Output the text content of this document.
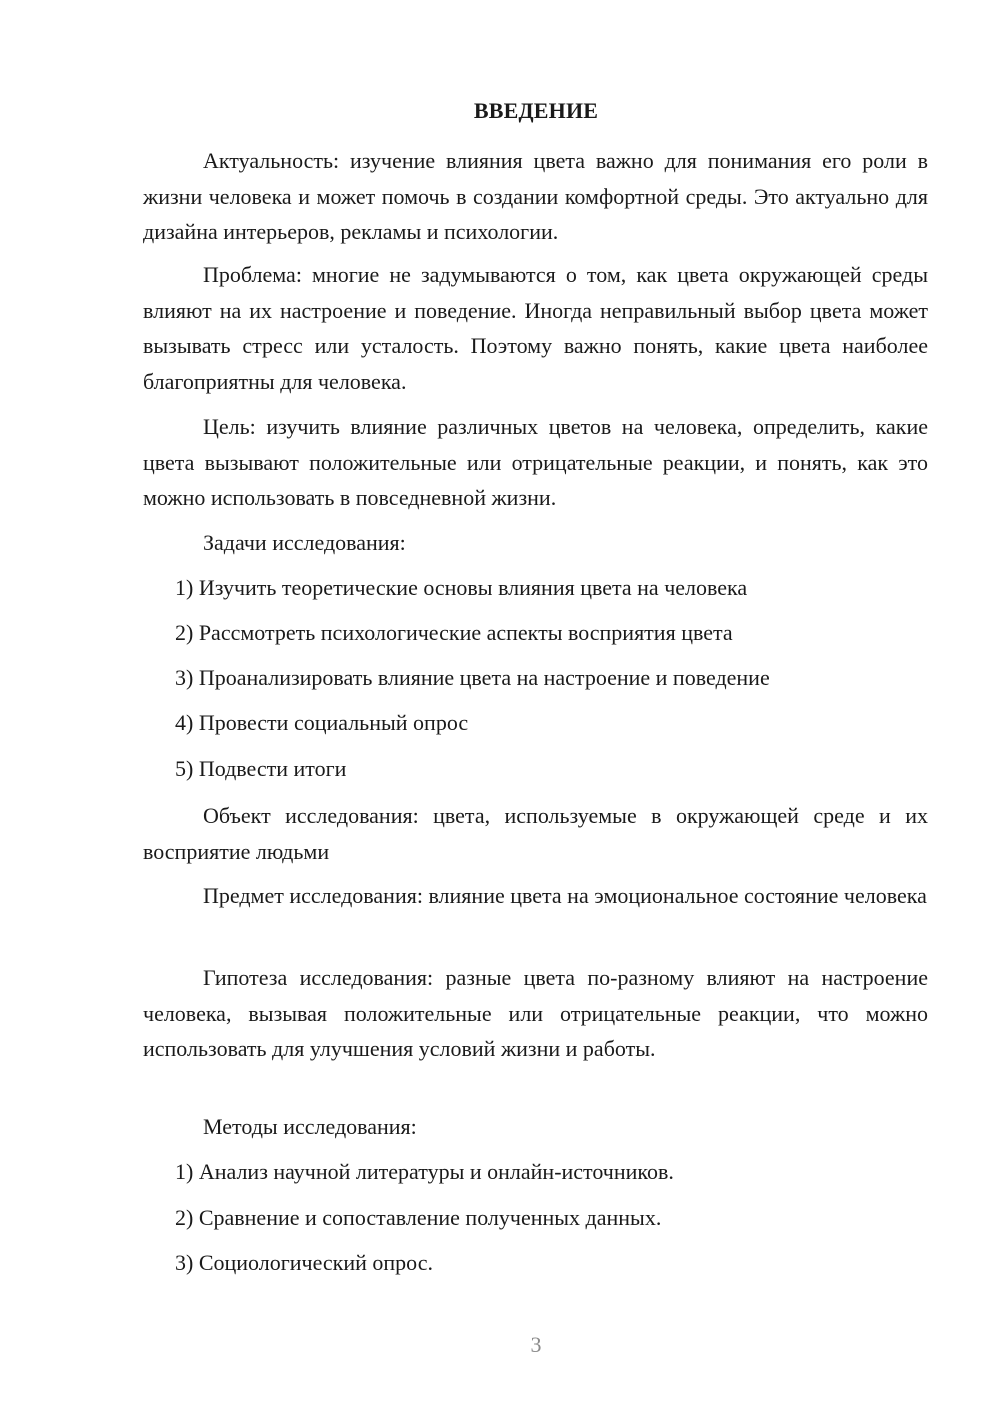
ВВЕДЕНИЕ

Актуальность: изучение влияния цвета важно для понимания его роли в жизни человека и может помочь в создании комфортной среды. Это актуально для дизайна интерьеров, рекламы и психологии.

Проблема: многие не задумываются о том, как цвета окружающей среды влияют на их настроение и поведение. Иногда неправильный выбор цвета может вызывать стресс или усталость. Поэтому важно понять, какие цвета наиболее благоприятны для человека.

Цель: изучить влияние различных цветов на человека, определить, какие цвета вызывают положительные или отрицательные реакции, и понять, как это можно использовать в повседневной жизни.

Задачи исследования:
1) Изучить теоретические основы влияния цвета на человека
2) Рассмотреть психологические аспекты восприятия цвета
3) Проанализировать влияние цвета на настроение и поведение
4) Провести социальный опрос
5) Подвести итоги

Объект исследования: цвета, используемые в окружающей среде и их восприятие людьми

Предмет исследования: влияние цвета на эмоциональное состояние человека

Гипотеза исследования: разные цвета по-разному влияют на настроение человека, вызывая положительные или отрицательные реакции, что можно использовать для улучшения условий жизни и работы.

Методы исследования:
1) Анализ научной литературы и онлайн-источников.
2) Сравнение и сопоставление полученных данных.
3) Социологический опрос.
3
